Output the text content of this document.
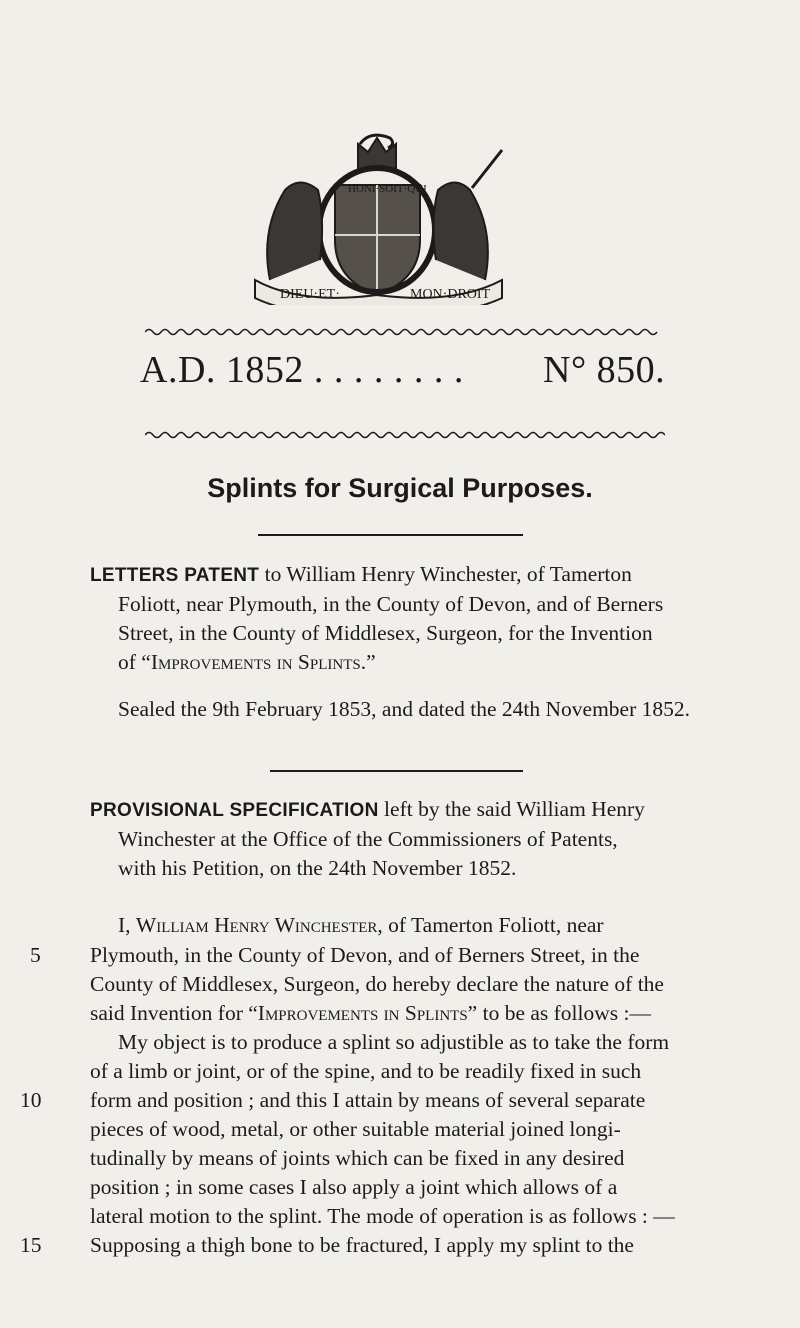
DIEU·ET·	MON·DROIT
HONI·SOIT·QUI
A.D. 1852 . . . . . . . . N° 850.
Splints for Surgical Purposes.
LETTERS PATENT to William Henry Winchester, of Tamerton
Foliott, near Plymouth, in the County of Devon, and of Berners
Street, in the County of Middlesex, Surgeon, for the Invention
of “Improvements in Splints.”
Sealed the 9th February 1853, and dated the 24th November 1852.
PROVISIONAL SPECIFICATION left by the said William Henry
Winchester at the Office of the Commissioners of Patents,
with his Petition, on the 24th November 1852.
I, William Henry Winchester, of Tamerton Foliott, near
Plymouth, in the County of Devon, and of Berners Street, in the
County of Middlesex, Surgeon, do hereby declare the nature of the
said Invention for “Improvements in Splints” to be as follows :—
My object is to produce a splint so adjustible as to take the form
of a limb or joint, or of the spine, and to be readily fixed in such
form and position ; and this I attain by means of several separate
pieces of wood, metal, or other suitable material joined longi-
tudinally by means of joints which can be fixed in any desired
position ; in some cases I also apply a joint which allows of a
lateral motion to the splint. The mode of operation is as follows : —
Supposing a thigh bone to be fractured, I apply my splint to the
5
10
15
